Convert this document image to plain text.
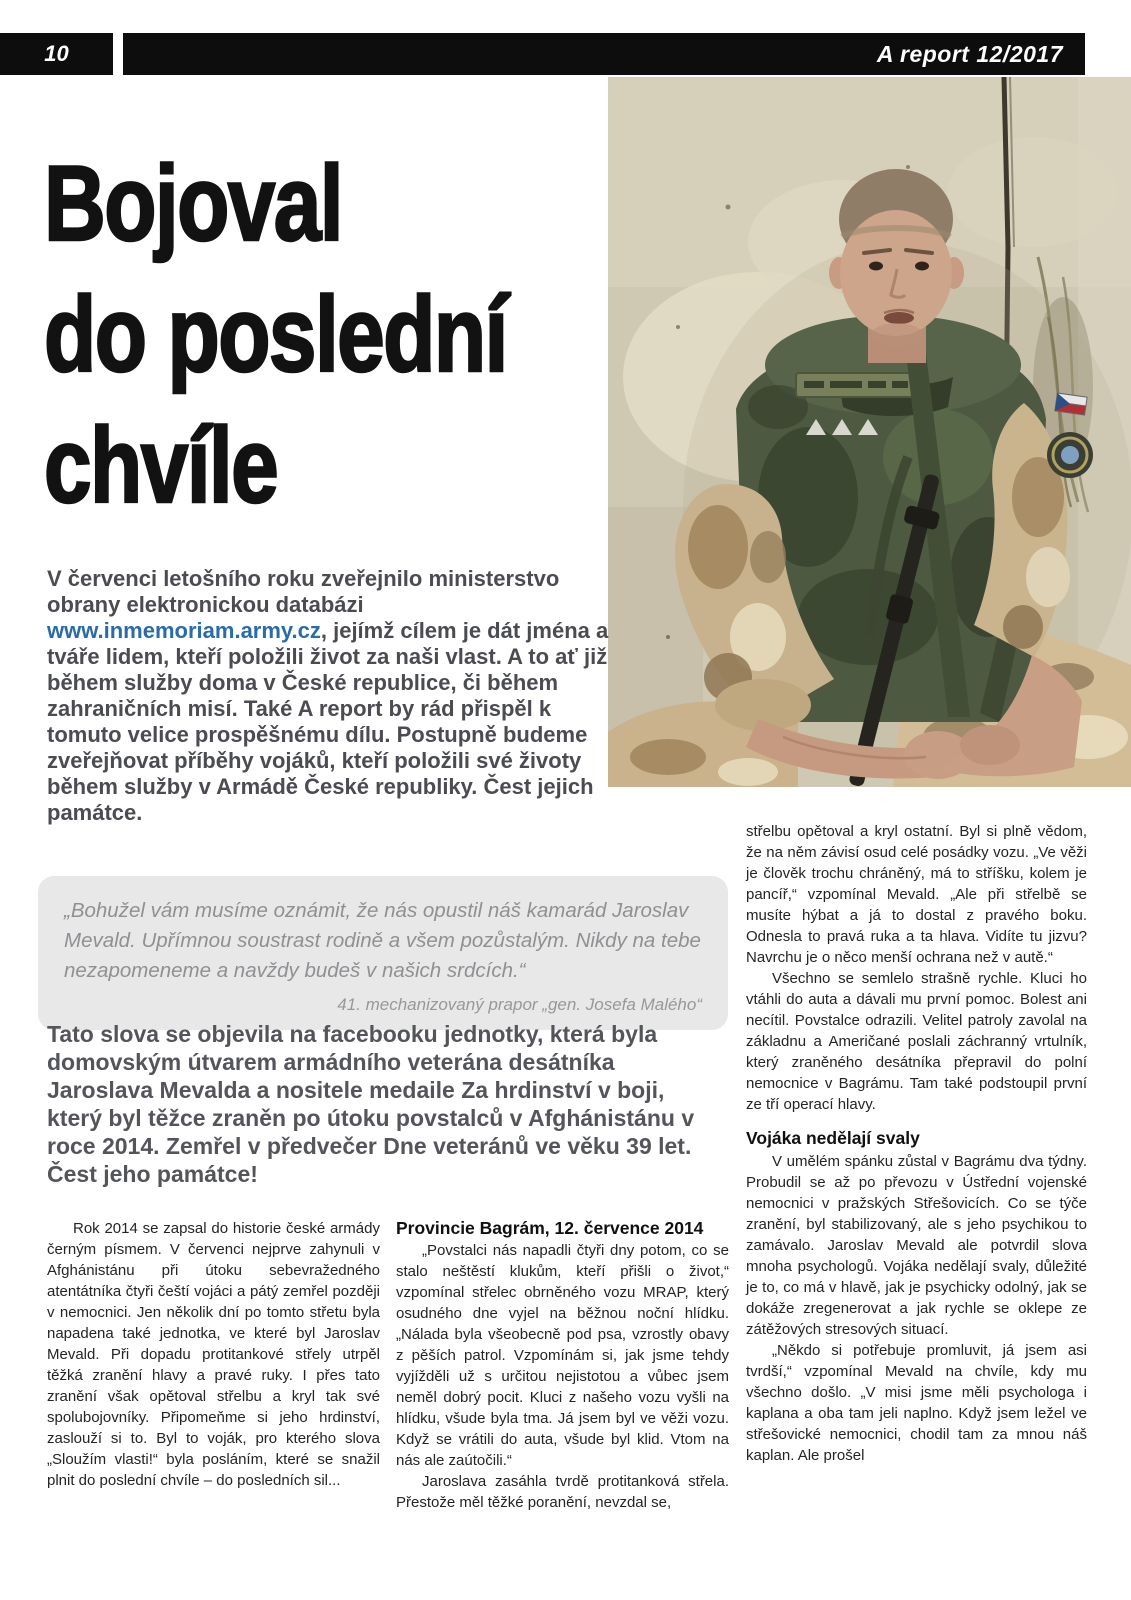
10	A report 12/2017
Bojoval
do poslední
chvíle
V červenci letošního roku zveřejnilo ministerstvo obrany elektronickou databázi www.inmemoriam.army.cz, jejímž cílem je dát jména a tváře lidem, kteří položili život za naši vlast. A to ať již během služby doma v České republice, či během zahraničních misí. Také A report by rád přispěl k tomuto velice prospěšnému dílu. Postupně budeme zveřejňovat příběhy vojáků, kteří položili své životy během služby v Armádě České republiky. Čest jejich památce.
„Bohužel vám musíme oznámit, že nás opustil náš kamarád Jaroslav Mevald. Upřímnou soustrast rodině a všem pozůstalým. Nikdy na tebe nezapomeneme a navždy budeš v našich srdcích.“
41. mechanizovaný prapor „gen. Josefa Malého“
Tato slova se objevila na facebooku jednotky, která byla domovským útvarem armádního veterána desátníka Jaroslava Mevalda a nositele medaile Za hrdinství v boji, který byl těžce zraněn po útoku povstalců v Afghánistánu v roce 2014. Zemřel v předvečer Dne veteránů ve věku 39 let. Čest jeho památce!

Rok 2014 se zapsal do historie české armády černým písmem. V červenci nejprve zahynuli v Afghánistánu při útoku sebevražedného atentátníka čtyři čeští vojáci a pátý zemřel později v nemocnici. Jen několik dní po tomto střetu byla napadena také jednotka, ve které byl Jaroslav Mevald. Při dopadu protitankové střely utrpěl těžká zranění hlavy a pravé ruky. I přes tato zranění však opětoval střelbu a kryl tak své spolubojovníky. Připomeňme si jeho hrdinství, zaslouží si to. Byl to voják, pro kterého slova „Sloužím vlasti!“ byla posláním, které se snažil plnit do poslední chvíle – do posledních sil...

Provincie Bagrám, 12. července 2014

„Povstalci nás napadli čtyři dny potom, co se stalo neštěstí klukům, kteří přišli o život,“ vzpomínal střelec obrněného vozu MRAP, který osudného dne vyjel na běžnou noční hlídku. „Nálada byla všeobecně pod psa, vzrostly obavy z pěších patrol. Vzpomínám si, jak jsme tehdy vyjížděli už s určitou nejistotou a vůbec jsem neměl dobrý pocit. Kluci z našeho vozu vyšli na hlídku, všude byla tma. Já jsem byl ve věži vozu. Když se vrátili do auta, všude byl klid. Vtom na nás ale zaútočili.“

Jaroslava zasáhla tvrdě protitanková střela. Přestože měl těžké poranění, nevzdal se,

střelbu opětoval a kryl ostatní. Byl si plně vědom, že na něm závisí osud celé posádky vozu. „Ve věži je člověk trochu chráněný, má to stříšku, kolem je pancíř,“ vzpomínal Mevald. „Ale při střelbě se musíte hýbat a já to dostal z pravého boku. Odnesla to pravá ruka a ta hlava. Vidíte tu jizvu? Navrchu je o něco menší ochrana než v autě.“

Všechno se semlelo strašně rychle. Kluci ho vtáhli do auta a dávali mu první pomoc. Bolest ani necítil. Povstalce odrazili. Velitel patroly zavolal na základnu a Američané poslali záchranný vrtulník, který zraněného desátníka přepravil do polní nemocnice v Bagrámu. Tam také podstoupil první ze tří operací hlavy.

Vojáka nedělají svaly

V umělém spánku zůstal v Bagrámu dva týdny. Probudil se až po převozu v Ústřední vojenské nemocnici v pražských Střešovicích. Co se týče zranění, byl stabilizovaný, ale s jeho psychikou to zamávalo. Jaroslav Mevald ale potvrdil slova mnoha psychologů. Vojáka nedělají svaly, důležité je to, co má v hlavě, jak je psychicky odolný, jak se dokáže zregenerovat a jak rychle se oklepe ze zátěžových stresových situací.

„Někdo si potřebuje promluvit, já jsem asi tvrdší,“ vzpomínal Mevald na chvíle, kdy mu všechno došlo. „V misi jsme měli psychologa i kaplana a oba tam jeli naplno. Když jsem ležel ve střešovické nemocnici, chodil tam za mnou náš kaplan. Ale prošel
